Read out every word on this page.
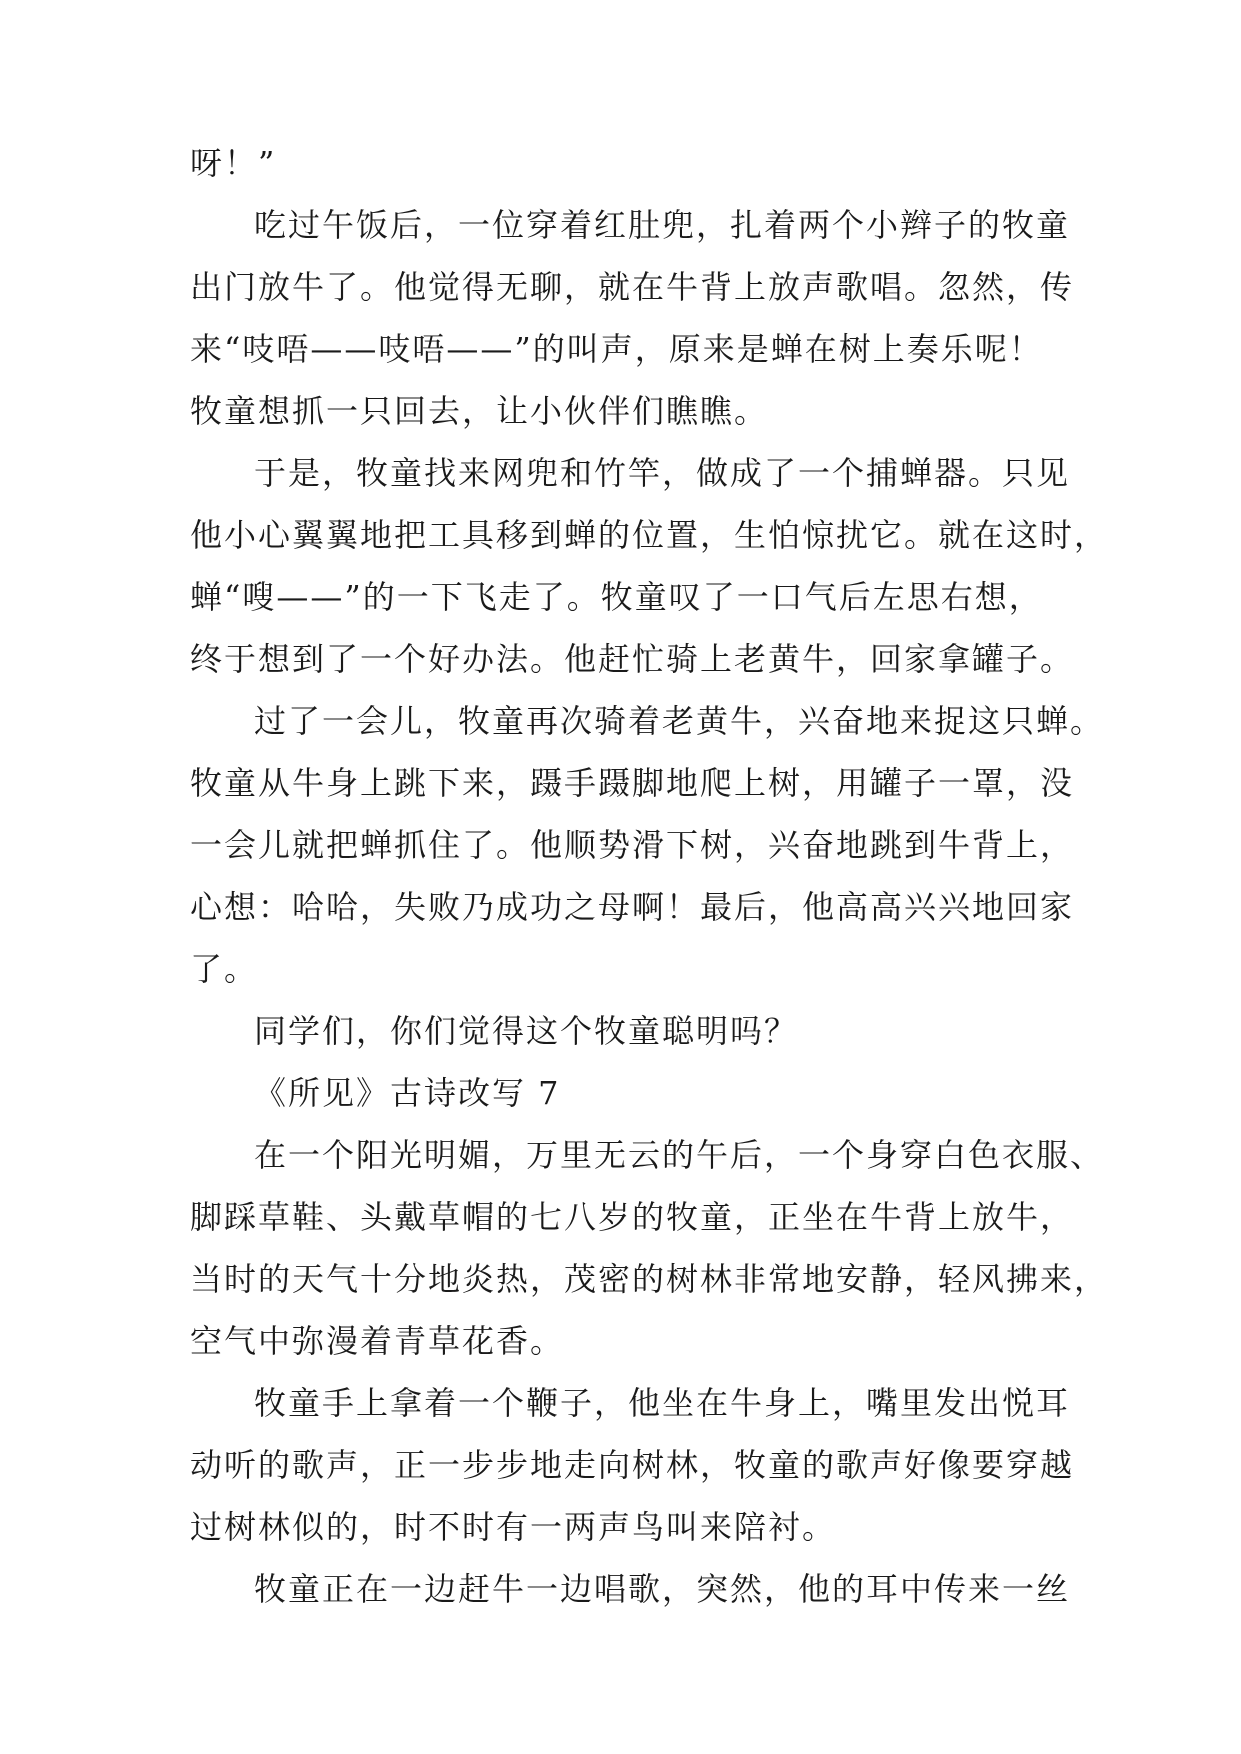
呀！”

吃过午饭后，一位穿着红肚兜，扎着两个小辫子的牧童
出门放牛了。他觉得无聊，就在牛背上放声歌唱。忽然，传
来“吱唔——吱唔——”的叫声，原来是蝉在树上奏乐呢！
牧童想抓一只回去，让小伙伴们瞧瞧。

于是，牧童找来网兜和竹竿，做成了一个捕蝉器。只见
他小心翼翼地把工具移到蝉的位置，生怕惊扰它。就在这时，
蝉“嗖——”的一下飞走了。牧童叹了一口气后左思右想，
终于想到了一个好办法。他赶忙骑上老黄牛，回家拿罐子。

过了一会儿，牧童再次骑着老黄牛，兴奋地来捉这只蝉。
牧童从牛身上跳下来，蹑手蹑脚地爬上树，用罐子一罩，没
一会儿就把蝉抓住了。他顺势滑下树，兴奋地跳到牛背上，
心想：哈哈，失败乃成功之母啊！最后，他高高兴兴地回家
了。

同学们，你们觉得这个牧童聪明吗？

《所见》古诗改写 7

在一个阳光明媚，万里无云的午后，一个身穿白色衣服、
脚踩草鞋、头戴草帽的七八岁的牧童，正坐在牛背上放牛，
当时的天气十分地炎热，茂密的树林非常地安静，轻风拂来，
空气中弥漫着青草花香。

牧童手上拿着一个鞭子，他坐在牛身上，嘴里发出悦耳
动听的歌声，正一步步地走向树林，牧童的歌声好像要穿越
过树林似的，时不时有一两声鸟叫来陪衬。

牧童正在一边赶牛一边唱歌，突然，他的耳中传来一丝
